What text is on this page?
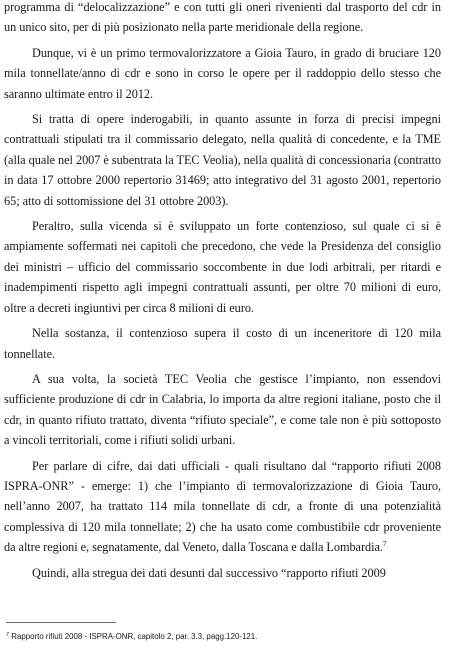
programma di “delocalizzazione” e con tutti gli oneri rivenienti dal trasporto del cdr in un unico sito, per di più posizionato nella parte meridionale della regione.

Dunque, vi è un primo termovalorizzatore a Gioia Tauro, in grado di bruciare 120 mila tonnellate/anno di cdr e sono in corso le opere per il raddoppio dello stesso che saranno ultimate entro il 2012.

Si tratta di opere inderogabili, in quanto assunte in forza di precisi impegni contrattuali stipulati tra il commissario delegato, nella qualità di concedente, e la TME (alla quale nel 2007 è subentrata la TEC Veolia), nella qualità di concessionaria (contratto in data 17 ottobre 2000 repertorio 31469; atto integrativo del 31 agosto 2001, repertorio 65; atto di sottomissione del 31 ottobre 2003).

Peraltro, sulla vicenda si è sviluppato un forte contenzioso, sul quale ci si è ampiamente soffermati nei capitoli che precedono, che vede la Presidenza del consiglio dei ministri – ufficio del commissario soccombente in due lodi arbitrali, per ritardi e inadempimenti rispetto agli impegni contrattuali assunti, per oltre 70 milioni di euro, oltre a decreti ingiuntivi per circa 8 milioni di euro.

Nella sostanza, il contenzioso supera il costo di un inceneritore di 120 mila tonnellate.

A sua volta, la società TEC Veolia che gestisce l’impianto, non essendovi sufficiente produzione di cdr in Calabria, lo importa da altre regioni italiane, posto che il cdr, in quanto rifiuto trattato, diventa “rifiuto speciale”, e come tale non è più sottoposto a vincoli territoriali, come i rifiuti solidi urbani.

Per parlare di cifre, dai dati ufficiali - quali risultano dal “rapporto rifiuti 2008 ISPRA-ONR” - emerge: 1) che l’impianto di termovalorizzazione di Gioia Tauro, nell’anno 2007, ha trattato 114 mila tonnellate di cdr, a fronte di una potenzialità complessiva di 120 mila tonnellate; 2) che ha usato come combustibile cdr proveniente da altre regioni e, segnatamente, dal Veneto, dalla Toscana e dalla Lombardia.$^7$

Quindi, alla stregua dei dati desunti dal successivo “rapporto rifiuti 2009

$^7$ Rapporto rifiuti 2008 - ISPRA-ONR, capitolo 2, par. 3.3, pagg.120-121.
